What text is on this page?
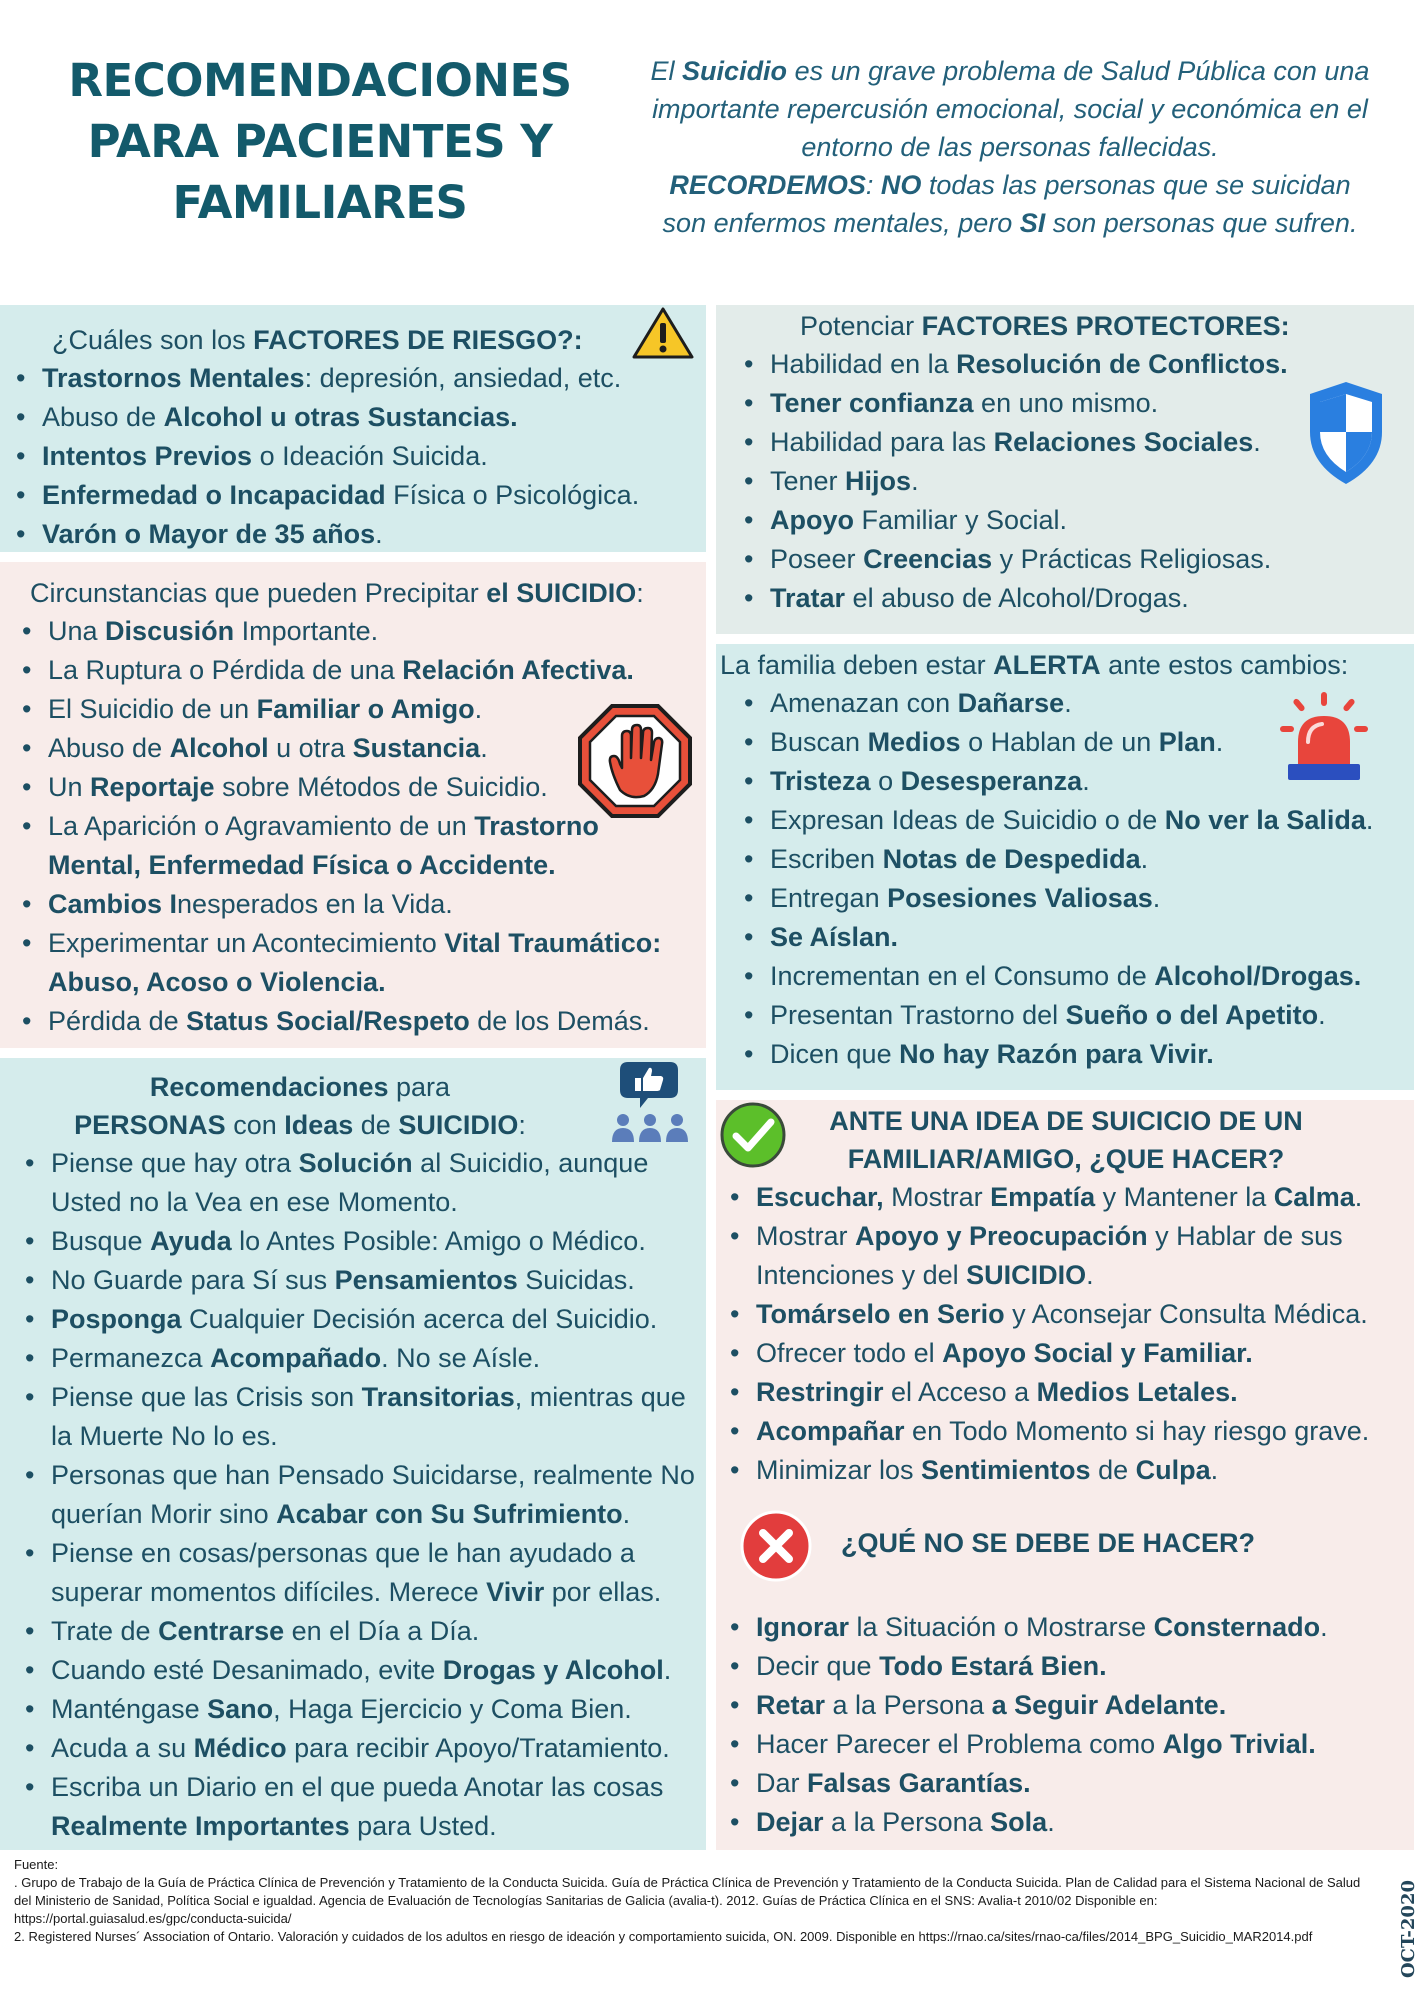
RECOMENDACIONES
PARA PACIENTES Y
FAMILIARES
El Suicidio es un grave problema de Salud Pública con una importante repercusión emocional, social y económica en el entorno de las personas fallecidas.
RECORDEMOS: NO todas las personas que se suicidan son enfermos mentales, pero SI son personas que sufren.
¿Cuáles son los FACTORES DE RIESGO?:
• Trastornos Mentales: depresión, ansiedad, etc.
• Abuso de Alcohol u otras Sustancias.
• Intentos Previos o Ideación Suicida.
• Enfermedad o Incapacidad Física o Psicológica.
• Varón o Mayor de 35 años.
Circunstancias que pueden Precipitar el SUICIDIO:
• Una Discusión Importante.
• La Ruptura o Pérdida de una Relación Afectiva.
• El Suicidio de un Familiar o Amigo.
• Abuso de Alcohol u otra Sustancia.
• Un Reportaje sobre Métodos de Suicidio.
• La Aparición o Agravamiento de un Trastorno Mental, Enfermedad Física o Accidente.
• Cambios Inesperados en la Vida.
• Experimentar un Acontecimiento Vital Traumático: Abuso, Acoso o Violencia.
• Pérdida de Status Social/Respeto de los Demás.
Recomendaciones para
PERSONAS con Ideas de SUICIDIO:
• Piense que hay otra Solución al Suicidio, aunque Usted no la Vea en ese Momento.
• Busque Ayuda lo Antes Posible: Amigo o Médico.
• No Guarde para Sí sus Pensamientos Suicidas.
• Posponga Cualquier Decisión acerca del Suicidio.
• Permanezca Acompañado. No se Aísle.
• Piense que las Crisis son Transitorias, mientras que la Muerte No lo es.
• Personas que han Pensado Suicidarse, realmente No querían Morir sino Acabar con Su Sufrimiento.
• Piense en cosas/personas que le han ayudado a superar momentos difíciles. Merece Vivir por ellas.
• Trate de Centrarse en el Día a Día.
• Cuando esté Desanimado, evite Drogas y Alcohol.
• Manténgase Sano, Haga Ejercicio y Coma Bien.
• Acuda a su Médico para recibir Apoyo/Tratamiento.
• Escriba un Diario en el que pueda Anotar las cosas Realmente Importantes para Usted.
Potenciar FACTORES PROTECTORES:
• Habilidad en la Resolución de Conflictos.
• Tener confianza en uno mismo.
• Habilidad para las Relaciones Sociales.
• Tener Hijos.
• Apoyo Familiar y Social.
• Poseer Creencias y Prácticas Religiosas.
• Tratar el abuso de Alcohol/Drogas.
La familia deben estar ALERTA ante estos cambios:
• Amenazan con Dañarse.
• Buscan Medios o Hablan de un Plan.
• Tristeza o Desesperanza.
• Expresan Ideas de Suicidio o de No ver la Salida.
• Escriben Notas de Despedida.
• Entregan Posesiones Valiosas.
• Se Aíslan.
• Incrementan en el Consumo de Alcohol/Drogas.
• Presentan Trastorno del Sueño o del Apetito.
• Dicen que No hay Razón para Vivir.
ANTE UNA IDEA DE SUICICIO DE UN
FAMILIAR/AMIGO, ¿QUE HACER?
• Escuchar, Mostrar Empatía y Mantener la Calma.
• Mostrar Apoyo y Preocupación y Hablar de sus Intenciones y del SUICIDIO.
• Tomárselo en Serio y Aconsejar Consulta Médica.
• Ofrecer todo el Apoyo Social y Familiar.
• Restringir el Acceso a Medios Letales.
• Acompañar en Todo Momento si hay riesgo grave.
• Minimizar los Sentimientos de Culpa.
¿QUÉ NO SE DEBE DE HACER?
• Ignorar la Situación o Mostrarse Consternado.
• Decir que Todo Estará Bien.
• Retar a la Persona a Seguir Adelante.
• Hacer Parecer el Problema como Algo Trivial.
• Dar Falsas Garantías.
• Dejar a la Persona Sola.
Fuente:
. Grupo de Trabajo de la Guía de Práctica Clínica de Prevención y Tratamiento de la Conducta Suicida. Guía de Práctica Clínica de Prevención y Tratamiento de la Conducta Suicida. Plan de Calidad para el Sistema Nacional de Salud del Ministerio de Sanidad, Política Social e igualdad. Agencia de Evaluación de Tecnologías Sanitarias de Galicia (avalia-t). 2012. Guías de Práctica Clínica en el SNS: Avalia-t 2010/02 Disponible en: https://portal.guiasalud.es/gpc/conducta-suicida/
2. Registered Nurses´ Association of Ontario. Valoración y cuidados de los adultos en riesgo de ideación y comportamiento suicida, ON. 2009. Disponible en https://rnao.ca/sites/rnao-ca/files/2014_BPG_Suicidio_MAR2014.pdf	OCT-2020
